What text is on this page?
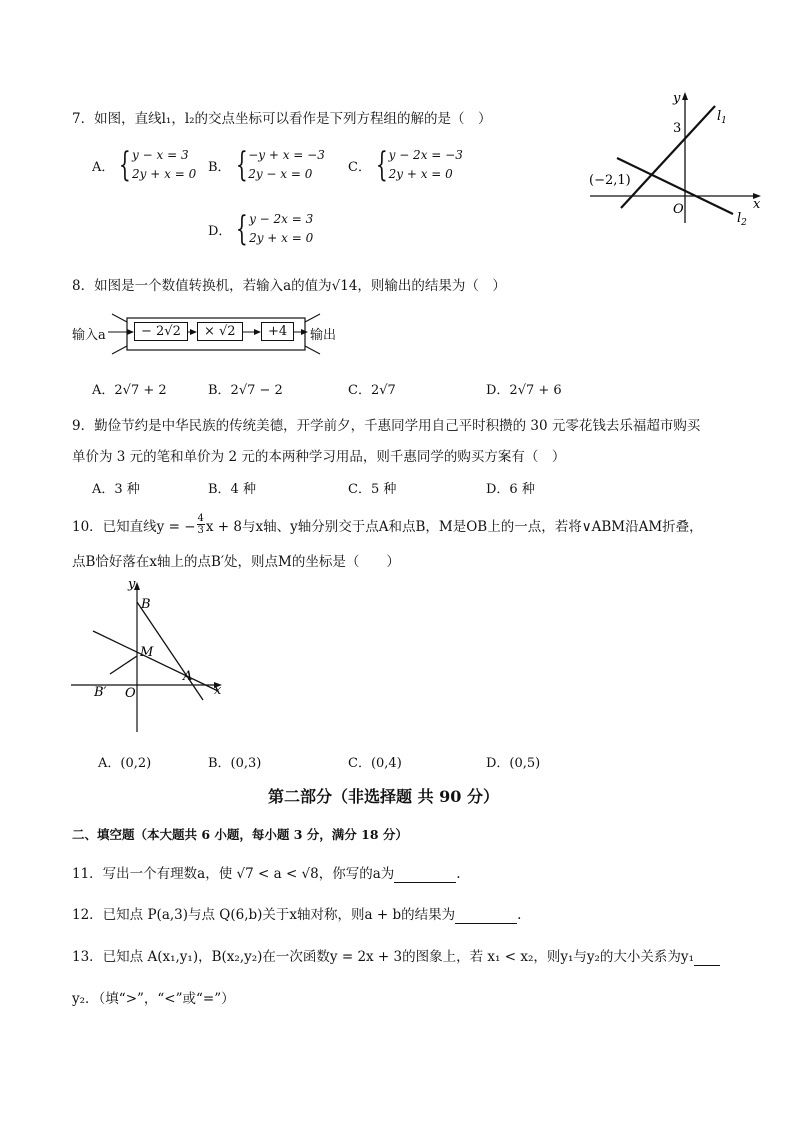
7．如图，直线l₁，l₂的交点坐标可以看作是下列方程组的解的是（　）
A． { y − x = 3
2y + x = 0 B． { −y + x = −3
2y − x = 0	C． { y − 2x = −3
2y + x = 0
D． { y − 2x = 3
2y + x = 0
y
x
$l_1$
$l_2$
3
(−2,1)
O
8．如图是一个数值转换机，若输入a的值为√14，则输出的结果为（　）
输入a	− 2√2	× √2	+4	输出
A．2√7 + 2	B．2√7 − 2	C．2√7	D．2√7 + 6
9．勤俭节约是中华民族的传统美德，开学前夕，千惠同学用自己平时积攒的 30 元零花钱去乐福超市购买
单价为 3 元的笔和单价为 2 元的本两种学习用品，则千惠同学的购买方案有（　）
A．3 种	B．4 种	C．5 种	D．6 种
10．已知直线y = − $\frac{4}{3}$ x + 8与x轴、y轴分别交于点A和点B，M是OB上的一点，若将∨ABM沿AM折叠，
点B恰好落在x轴上的点B′处，则点M的坐标是（　　）
y
x
B
M
A
B′ O
A．(0,2)	B．(0,3)	C．(0,4)	D．(0,5)
第二部分（非选择题 共 90 分）
二、填空题（本大题共 6 小题，每小题 3 分，满分 18 分）
11．写出一个有理数a，使 √7 < a < √8，你写的a为	.
12．已知点 P(a,3)与点 Q(6,b)关于x轴对称，则a + b的结果为	.
13．已知点 A(x₁,y₁)，B(x₂,y₂)在一次函数y = 2x + 3的图象上，若 x₁ < x₂，则y₁与y₂的大小关系为y₁
y₂．（填“>”，“<”或“=”）
